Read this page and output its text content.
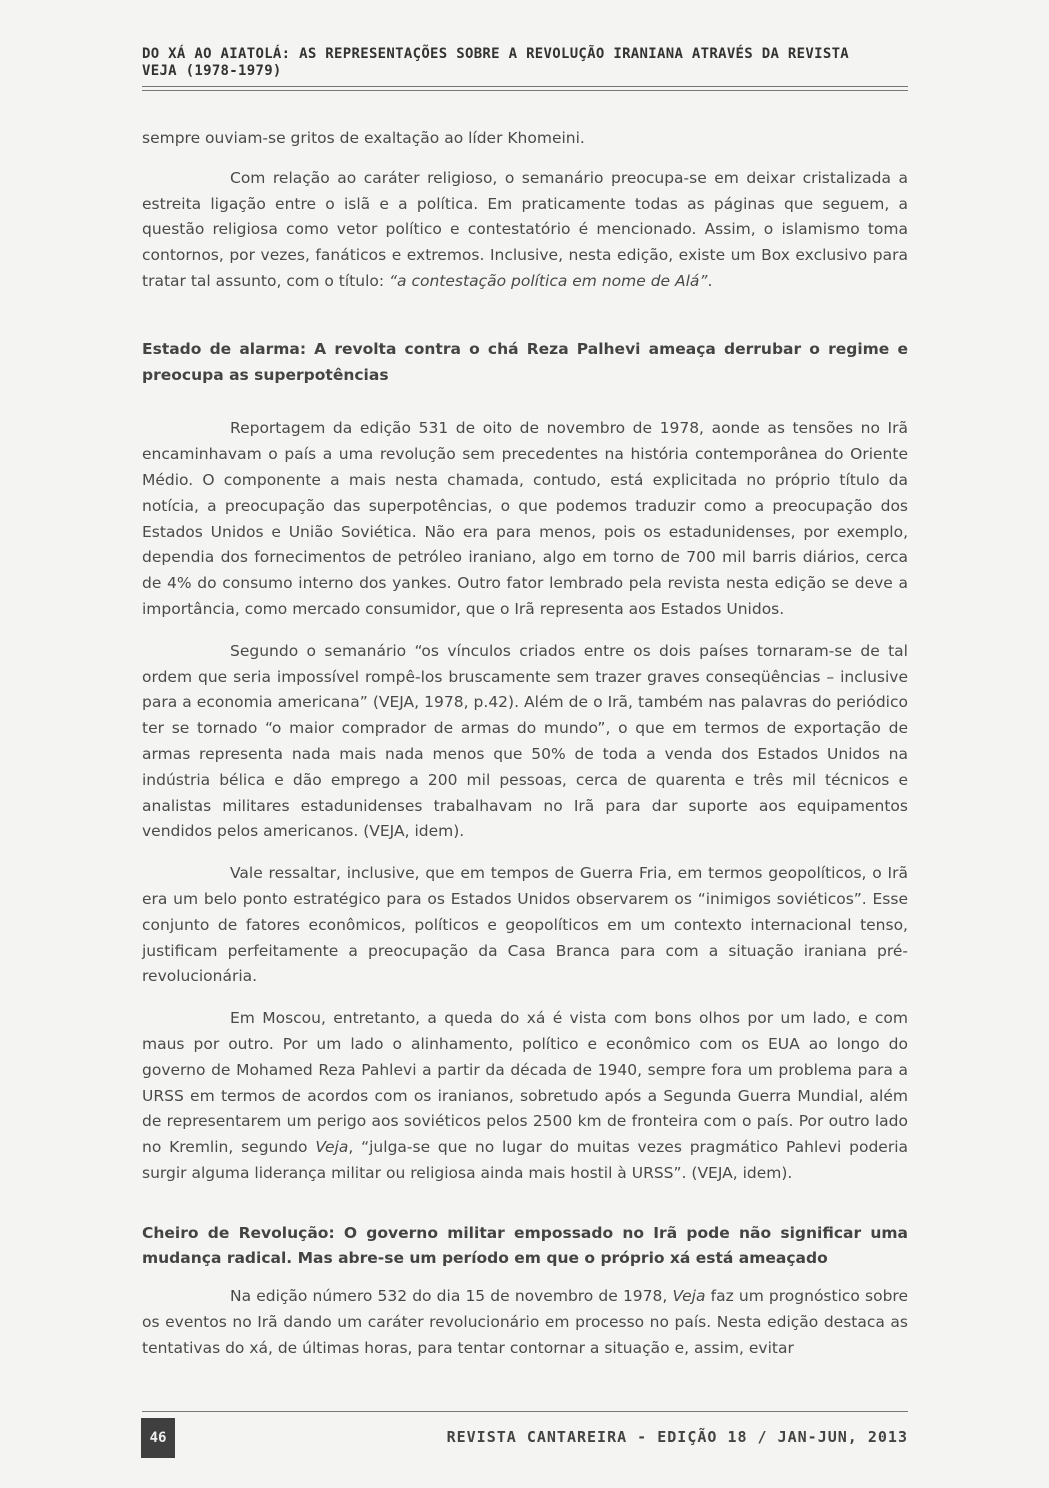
DO XÁ AO AIATOLÁ: AS REPRESENTAÇÕES SOBRE A REVOLUÇÃO IRANIANA ATRAVÉS DA REVISTA
VEJA (1978-1979)

sempre ouviam-se gritos de exaltação ao líder Khomeini.

Com relação ao caráter religioso, o semanário preocupa-se em deixar cristalizada a estreita ligação entre o islã e a política. Em praticamente todas as páginas que seguem, a questão religiosa como vetor político e contestatório é mencionado. Assim, o islamismo toma contornos, por vezes, fanáticos e extremos. Inclusive, nesta edição, existe um Box exclusivo para tratar tal assunto, com o título: “a contestação política em nome de Alá”.

Estado de alarma: A revolta contra o chá Reza Palhevi ameaça derrubar o regime e preocupa as superpotências

Reportagem da edição 531 de oito de novembro de 1978, aonde as tensões no Irã encaminhavam o país a uma revolução sem precedentes na história contemporânea do Oriente Médio. O componente a mais nesta chamada, contudo, está explicitada no próprio título da notícia, a preocupação das superpotências, o que podemos traduzir como a preocupação dos Estados Unidos e União Soviética. Não era para menos, pois os estadunidenses, por exemplo, dependia dos fornecimentos de petróleo iraniano, algo em torno de 700 mil barris diários, cerca de 4% do consumo interno dos yankes. Outro fator lembrado pela revista nesta edição se deve a importância, como mercado consumidor, que o Irã representa aos Estados Unidos.

Segundo o semanário “os vínculos criados entre os dois países tornaram-se de tal ordem que seria impossível rompê-los bruscamente sem trazer graves conseqüências – inclusive para a economia americana” (VEJA, 1978, p.42). Além de o Irã, também nas palavras do periódico ter se tornado “o maior comprador de armas do mundo”, o que em termos de exportação de armas representa nada mais nada menos que 50% de toda a venda dos Estados Unidos na indústria bélica e dão emprego a 200 mil pessoas, cerca de quarenta e três mil técnicos e analistas militares estadunidenses trabalhavam no Irã para dar suporte aos equipamentos vendidos pelos americanos. (VEJA, idem).

Vale ressaltar, inclusive, que em tempos de Guerra Fria, em termos geopolíticos, o Irã era um belo ponto estratégico para os Estados Unidos observarem os “inimigos soviéticos”. Esse conjunto de fatores econômicos, políticos e geopolíticos em um contexto internacional tenso, justificam perfeitamente a preocupação da Casa Branca para com a situação iraniana pré-revolucionária.

Em Moscou, entretanto, a queda do xá é vista com bons olhos por um lado, e com maus por outro. Por um lado o alinhamento, político e econômico com os EUA ao longo do governo de Mohamed Reza Pahlevi a partir da década de 1940, sempre fora um problema para a URSS em termos de acordos com os iranianos, sobretudo após a Segunda Guerra Mundial, além de representarem um perigo aos soviéticos pelos 2500 km de fronteira com o país. Por outro lado no Kremlin, segundo Veja, “julga-se que no lugar do muitas vezes pragmático Pahlevi poderia surgir alguma liderança militar ou religiosa ainda mais hostil à URSS”. (VEJA, idem).

Cheiro de Revolução: O governo militar empossado no Irã pode não significar uma mudança radical. Mas abre-se um período em que o próprio xá está ameaçado

Na edição número 532 do dia 15 de novembro de 1978, Veja faz um prognóstico sobre os eventos no Irã dando um caráter revolucionário em processo no país. Nesta edição destaca as tentativas do xá, de últimas horas, para tentar contornar a situação e, assim, evitar

46	REVISTA CANTAREIRA - EDIÇÃO 18 / JAN-JUN, 2013
